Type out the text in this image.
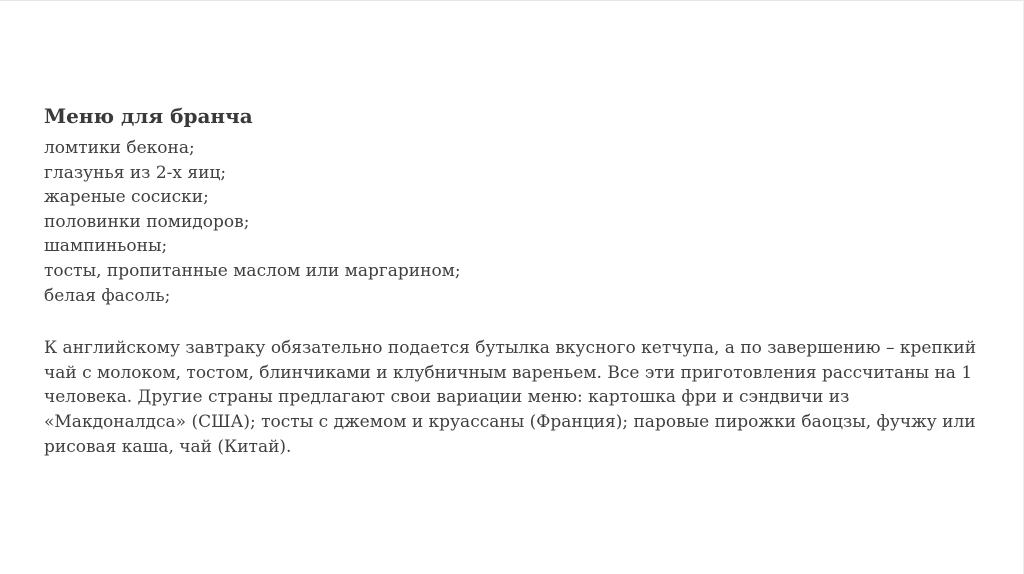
Меню для бранча
ломтики бекона;
глазунья из 2-х яиц;
жареные сосиски;
половинки помидоров;
шампиньоны;
тосты, пропитанные маслом или маргарином;
белая фасоль;

К английскому завтраку обязательно подается бутылка вкусного кетчупа, а по завершению – крепкий
чай с молоком, тостом, блинчиками и клубничным вареньем. Все эти приготовления рассчитаны на 1
человека. Другие страны предлагают свои вариации меню: картошка фри и сэндвичи из
«Макдоналдса» (США); тосты с джемом и круассаны (Франция); паровые пирожки баоцзы, фучжу или
рисовая каша, чай (Китай).
